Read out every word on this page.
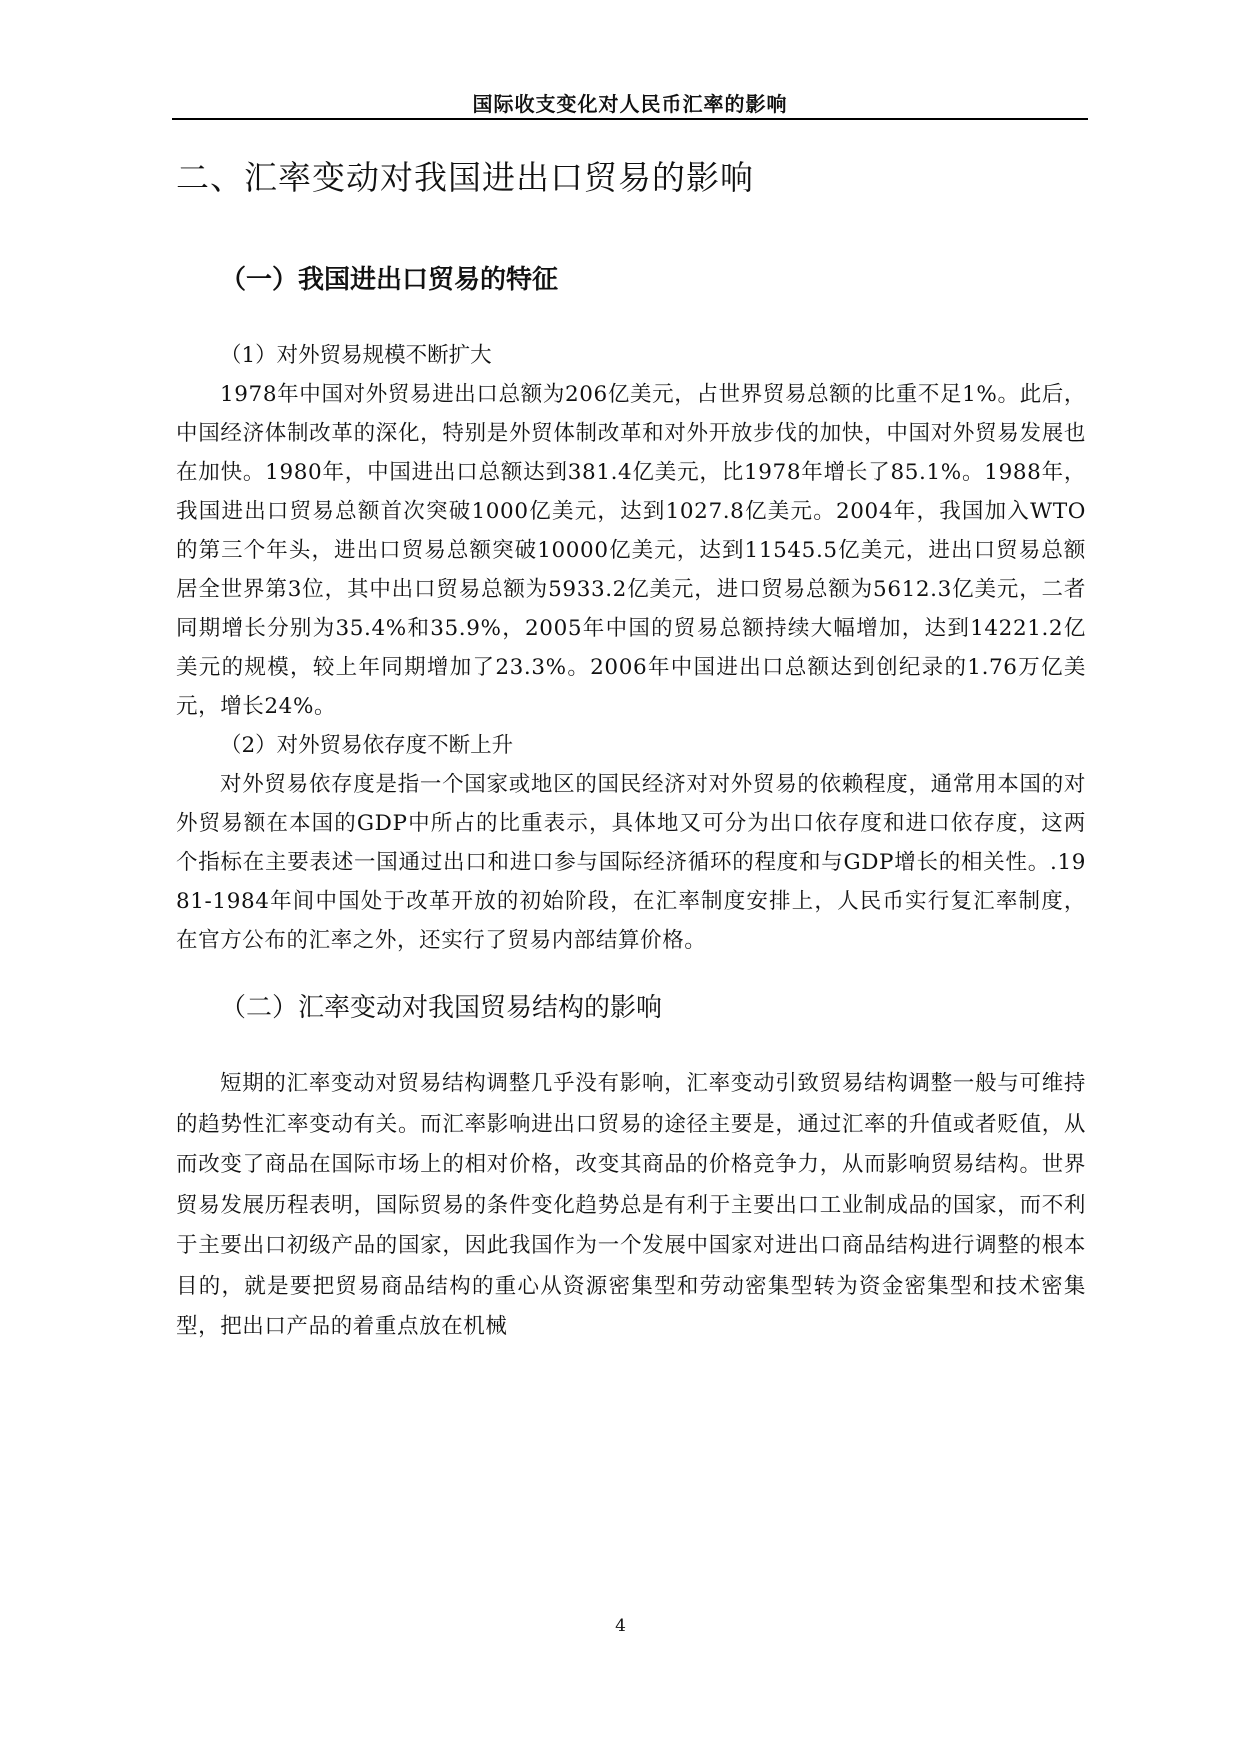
国际收支变化对人民币汇率的影响
二、汇率变动对我国进出口贸易的影响
（一）我国进出口贸易的特征

（1）对外贸易规模不断扩大

1978年中国对外贸易进出口总额为206亿美元，占世界贸易总额的比重不足1%。此后，中国经济体制改革的深化，特别是外贸体制改革和对外开放步伐的加快，中国对外贸易发展也在加快。1980年，中国进出口总额达到381.4亿美元，比1978年增长了85.1%。1988年，我国进出口贸易总额首次突破1000亿美元，达到1027.8亿美元。2004年，我国加入WTO的第三个年头，进出口贸易总额突破10000亿美元，达到11545.5亿美元，进出口贸易总额居全世界第3位，其中出口贸易总额为5933.2亿美元，进口贸易总额为5612.3亿美元，二者同期增长分别为35.4%和35.9%，2005年中国的贸易总额持续大幅增加，达到14221.2亿美元的规模，较上年同期增加了23.3%。2006年中国进出口总额达到创纪录的1.76万亿美元，增长24%。

（2）对外贸易依存度不断上升

对外贸易依存度是指一个国家或地区的国民经济对对外贸易的依赖程度，通常用本国的对外贸易额在本国的GDP中所占的比重表示，具体地又可分为出口依存度和进口依存度，这两个指标在主要表述一国通过出口和进口参与国际经济循环的程度和与GDP增长的相关性。.1981-1984年间中国处于改革开放的初始阶段，在汇率制度安排上，人民币实行复汇率制度，在官方公布的汇率之外，还实行了贸易内部结算价格。

（二）汇率变动对我国贸易结构的影响

短期的汇率变动对贸易结构调整几乎没有影响，汇率变动引致贸易结构调整一般与可维持的趋势性汇率变动有关。而汇率影响进出口贸易的途径主要是，通过汇率的升值或者贬值，从而改变了商品在国际市场上的相对价格，改变其商品的价格竞争力，从而影响贸易结构。世界贸易发展历程表明，国际贸易的条件变化趋势总是有利于主要出口工业制成品的国家，而不利于主要出口初级产品的国家，因此我国作为一个发展中国家对进出口商品结构进行调整的根本目的，就是要把贸易商品结构的重心从资源密集型和劳动密集型转为资金密集型和技术密集型，把出口产品的着重点放在机械

4
